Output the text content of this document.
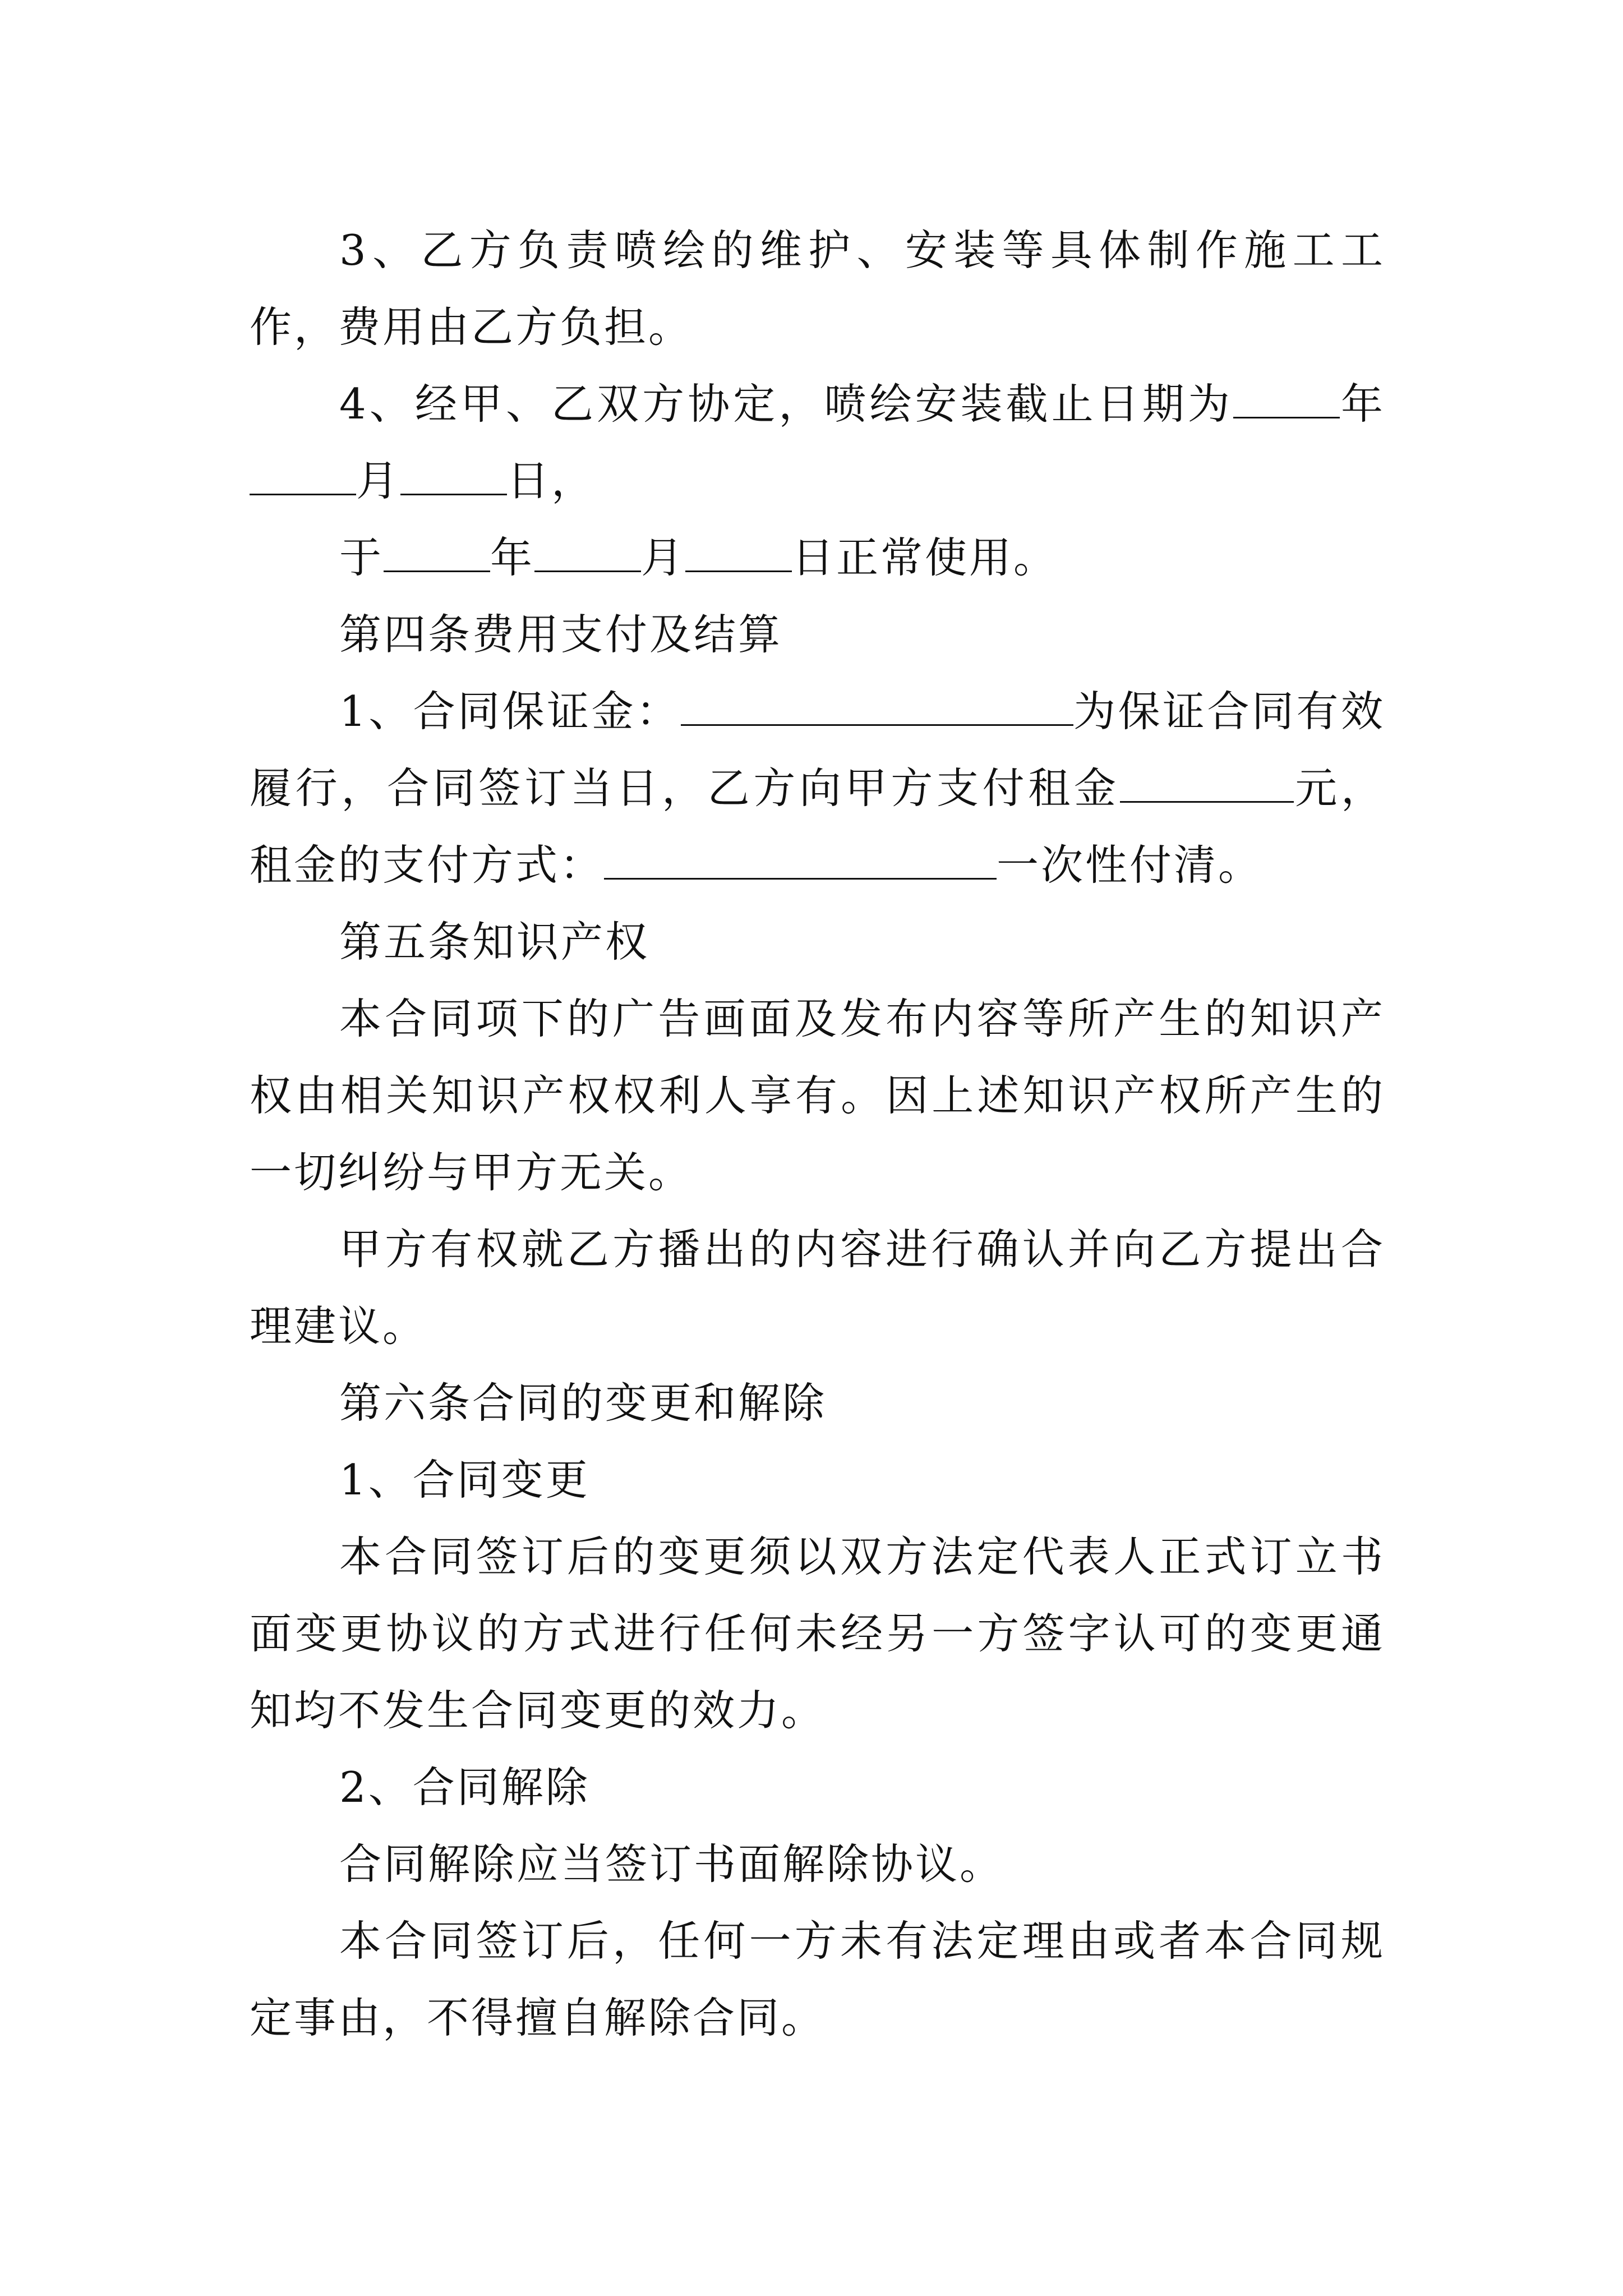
3、乙方负责喷绘的维护、安装等具体制作施工工作，费用由乙方负担。

4、经甲、乙双方协定，喷绘安装截止日期为	年月	日，

于	年	月	日正常使用。

第四条费用支付及结算

1、合同保证金：	为保证合同有效履行，合同签订当日，乙方向甲方支付租金	元，租金的支付方式：	一次性付清。

第五条知识产权

本合同项下的广告画面及发布内容等所产生的知识产权由相关知识产权权利人享有。因上述知识产权所产生的一切纠纷与甲方无关。

甲方有权就乙方播出的内容进行确认并向乙方提出合理建议。

第六条合同的变更和解除

1、合同变更

本合同签订后的变更须以双方法定代表人正式订立书面变更协议的方式进行任何未经另一方签字认可的变更通知均不发生合同变更的效力。

2、合同解除

合同解除应当签订书面解除协议。

本合同签订后，任何一方未有法定理由或者本合同规定事由，不得擅自解除合同。
